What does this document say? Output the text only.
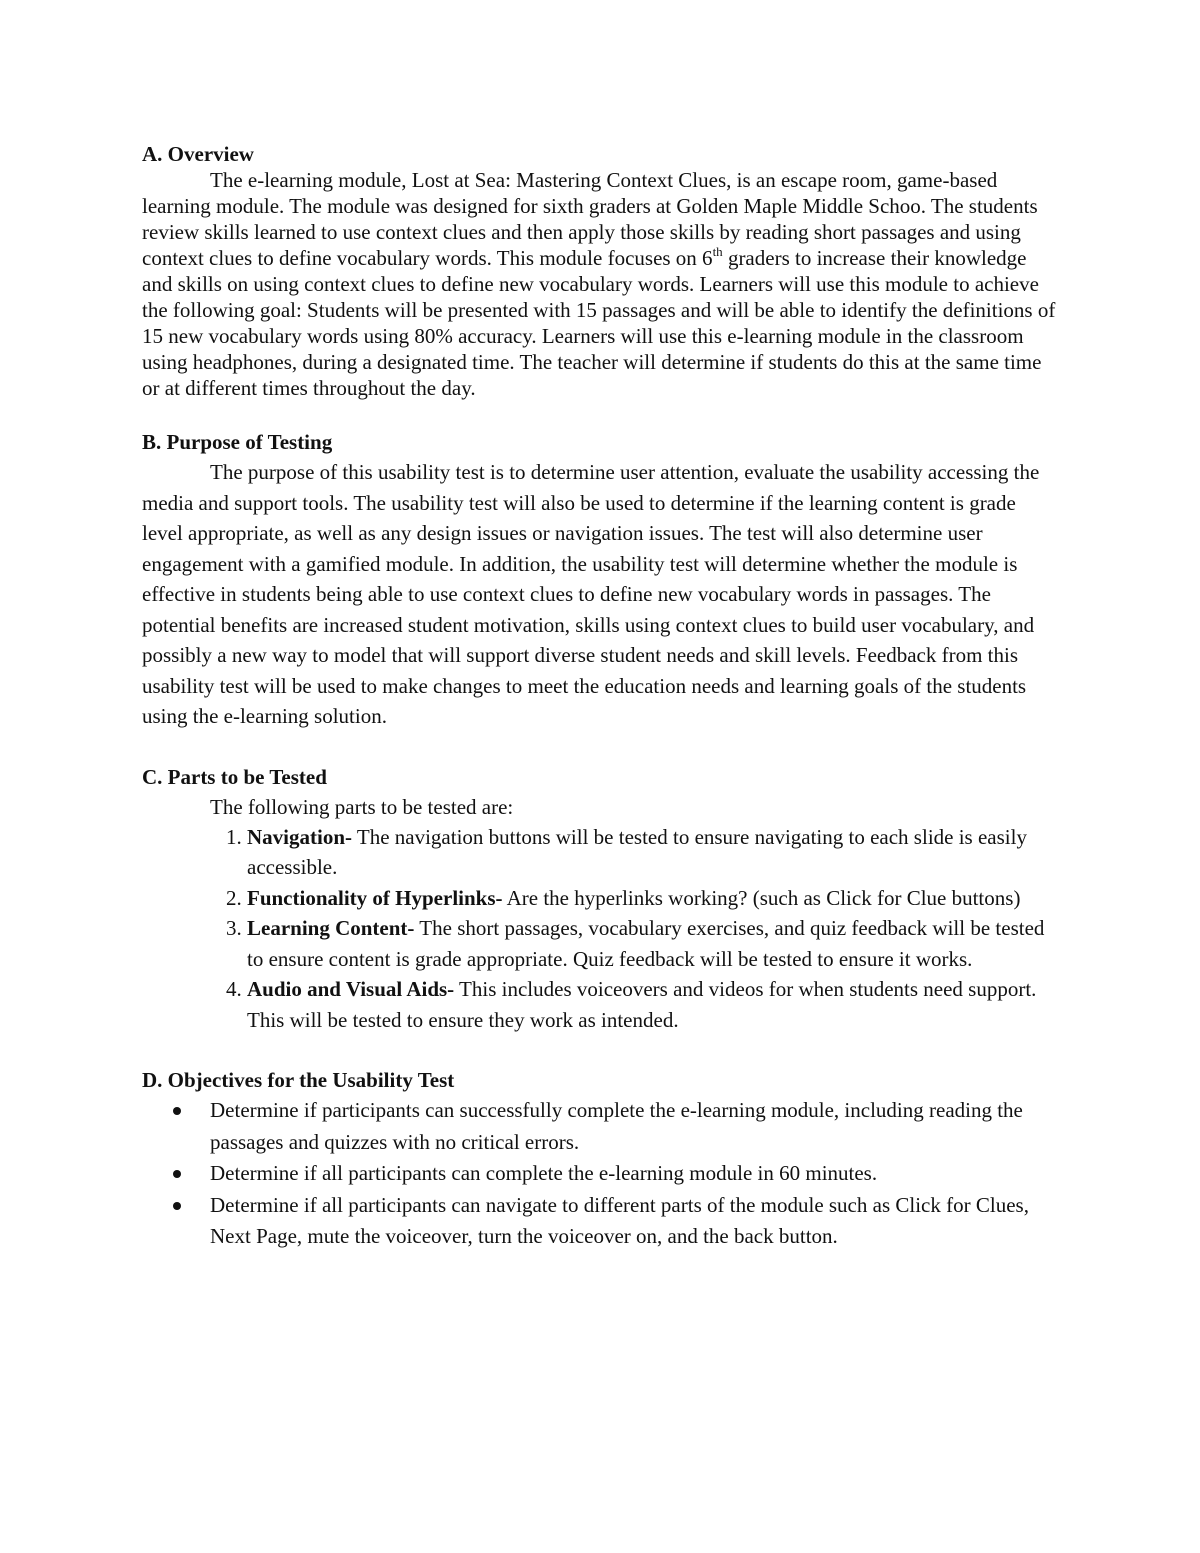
A. Overview

The e-learning module, Lost at Sea: Mastering Context Clues, is an escape room, game-based learning module. The module was designed for sixth graders at Golden Maple Middle Schoo. The students review skills learned to use context clues and then apply those skills by reading short passages and using context clues to define vocabulary words. This module focuses on 6th graders to increase their knowledge and skills on using context clues to define new vocabulary words. Learners will use this module to achieve the following goal: Students will be presented with 15 passages and will be able to identify the definitions of 15 new vocabulary words using 80% accuracy. Learners will use this e-learning module in the classroom using headphones, during a designated time. The teacher will determine if students do this at the same time or at different times throughout the day.

B. Purpose of Testing

The purpose of this usability test is to determine user attention, evaluate the usability accessing the media and support tools. The usability test will also be used to determine if the learning content is grade level appropriate, as well as any design issues or navigation issues. The test will also determine user engagement with a gamified module. In addition, the usability test will determine whether the module is effective in students being able to use context clues to define new vocabulary words in passages. The potential benefits are increased student motivation, skills using context clues to build user vocabulary, and possibly a new way to model that will support diverse student needs and skill levels. Feedback from this usability test will be used to make changes to meet the education needs and learning goals of the students using the e-learning solution.

C. Parts to be Tested

The following parts to be tested are:

1. Navigation- The navigation buttons will be tested to ensure navigating to each slide is easily accessible.
2. Functionality of Hyperlinks- Are the hyperlinks working? (such as Click for Clue buttons)
3. Learning Content- The short passages, vocabulary exercises, and quiz feedback will be tested to ensure content is grade appropriate. Quiz feedback will be tested to ensure it works.
4. Audio and Visual Aids- This includes voiceovers and videos for when students need support. This will be tested to ensure they work as intended.

D. Objectives for the Usability Test

Determine if participants can successfully complete the e-learning module, including reading the passages and quizzes with no critical errors.
Determine if all participants can complete the e-learning module in 60 minutes.
Determine if all participants can navigate to different parts of the module such as Click for Clues, Next Page, mute the voiceover, turn the voiceover on, and the back button.
